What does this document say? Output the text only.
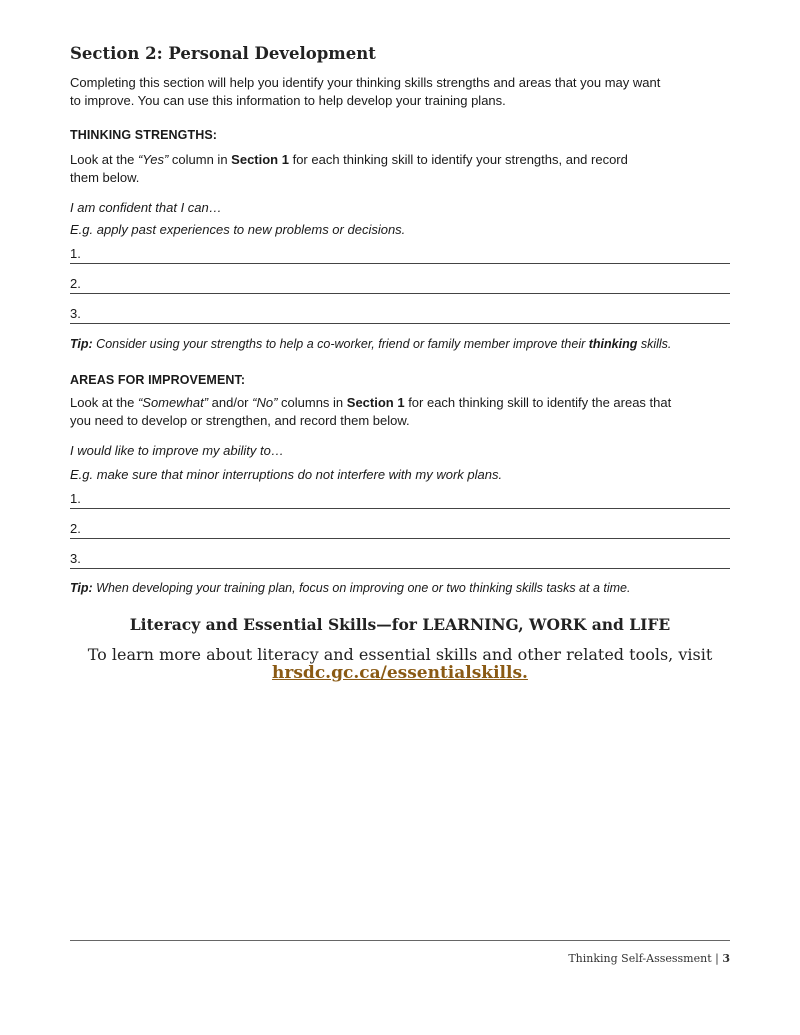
Section 2: Personal Development

Completing this section will help you identify your thinking skills strengths and areas that you may want

to improve. You can use this information to help develop your training plans.

THINKING STRENGTHS:

Look at the “Yes” column in Section 1 for each thinking skill to identify your strengths, and record

them below.

I am confident that I can…

E.g. apply past experiences to new problems or decisions.

1.
2.
3.

Tip: Consider using your strengths to help a co-worker, friend or family member improve their thinking skills.

AREAS FOR IMPROVEMENT:

Look at the “Somewhat” and/or “No” columns in Section 1 for each thinking skill to identify the areas that

you need to develop or strengthen, and record them below.

I would like to improve my ability to…

E.g. make sure that minor interruptions do not interfere with my work plans.

1.
2.
3.

Tip: When developing your training plan, focus on improving one or two thinking skills tasks at a time.

Literacy and Essential Skills—for LEARNING, WORK and LIFE

To learn more about literacy and essential skills and other related tools, visit

hrsdc.gc.ca/essentialskills.

Thinking Self-Assessment | 3
